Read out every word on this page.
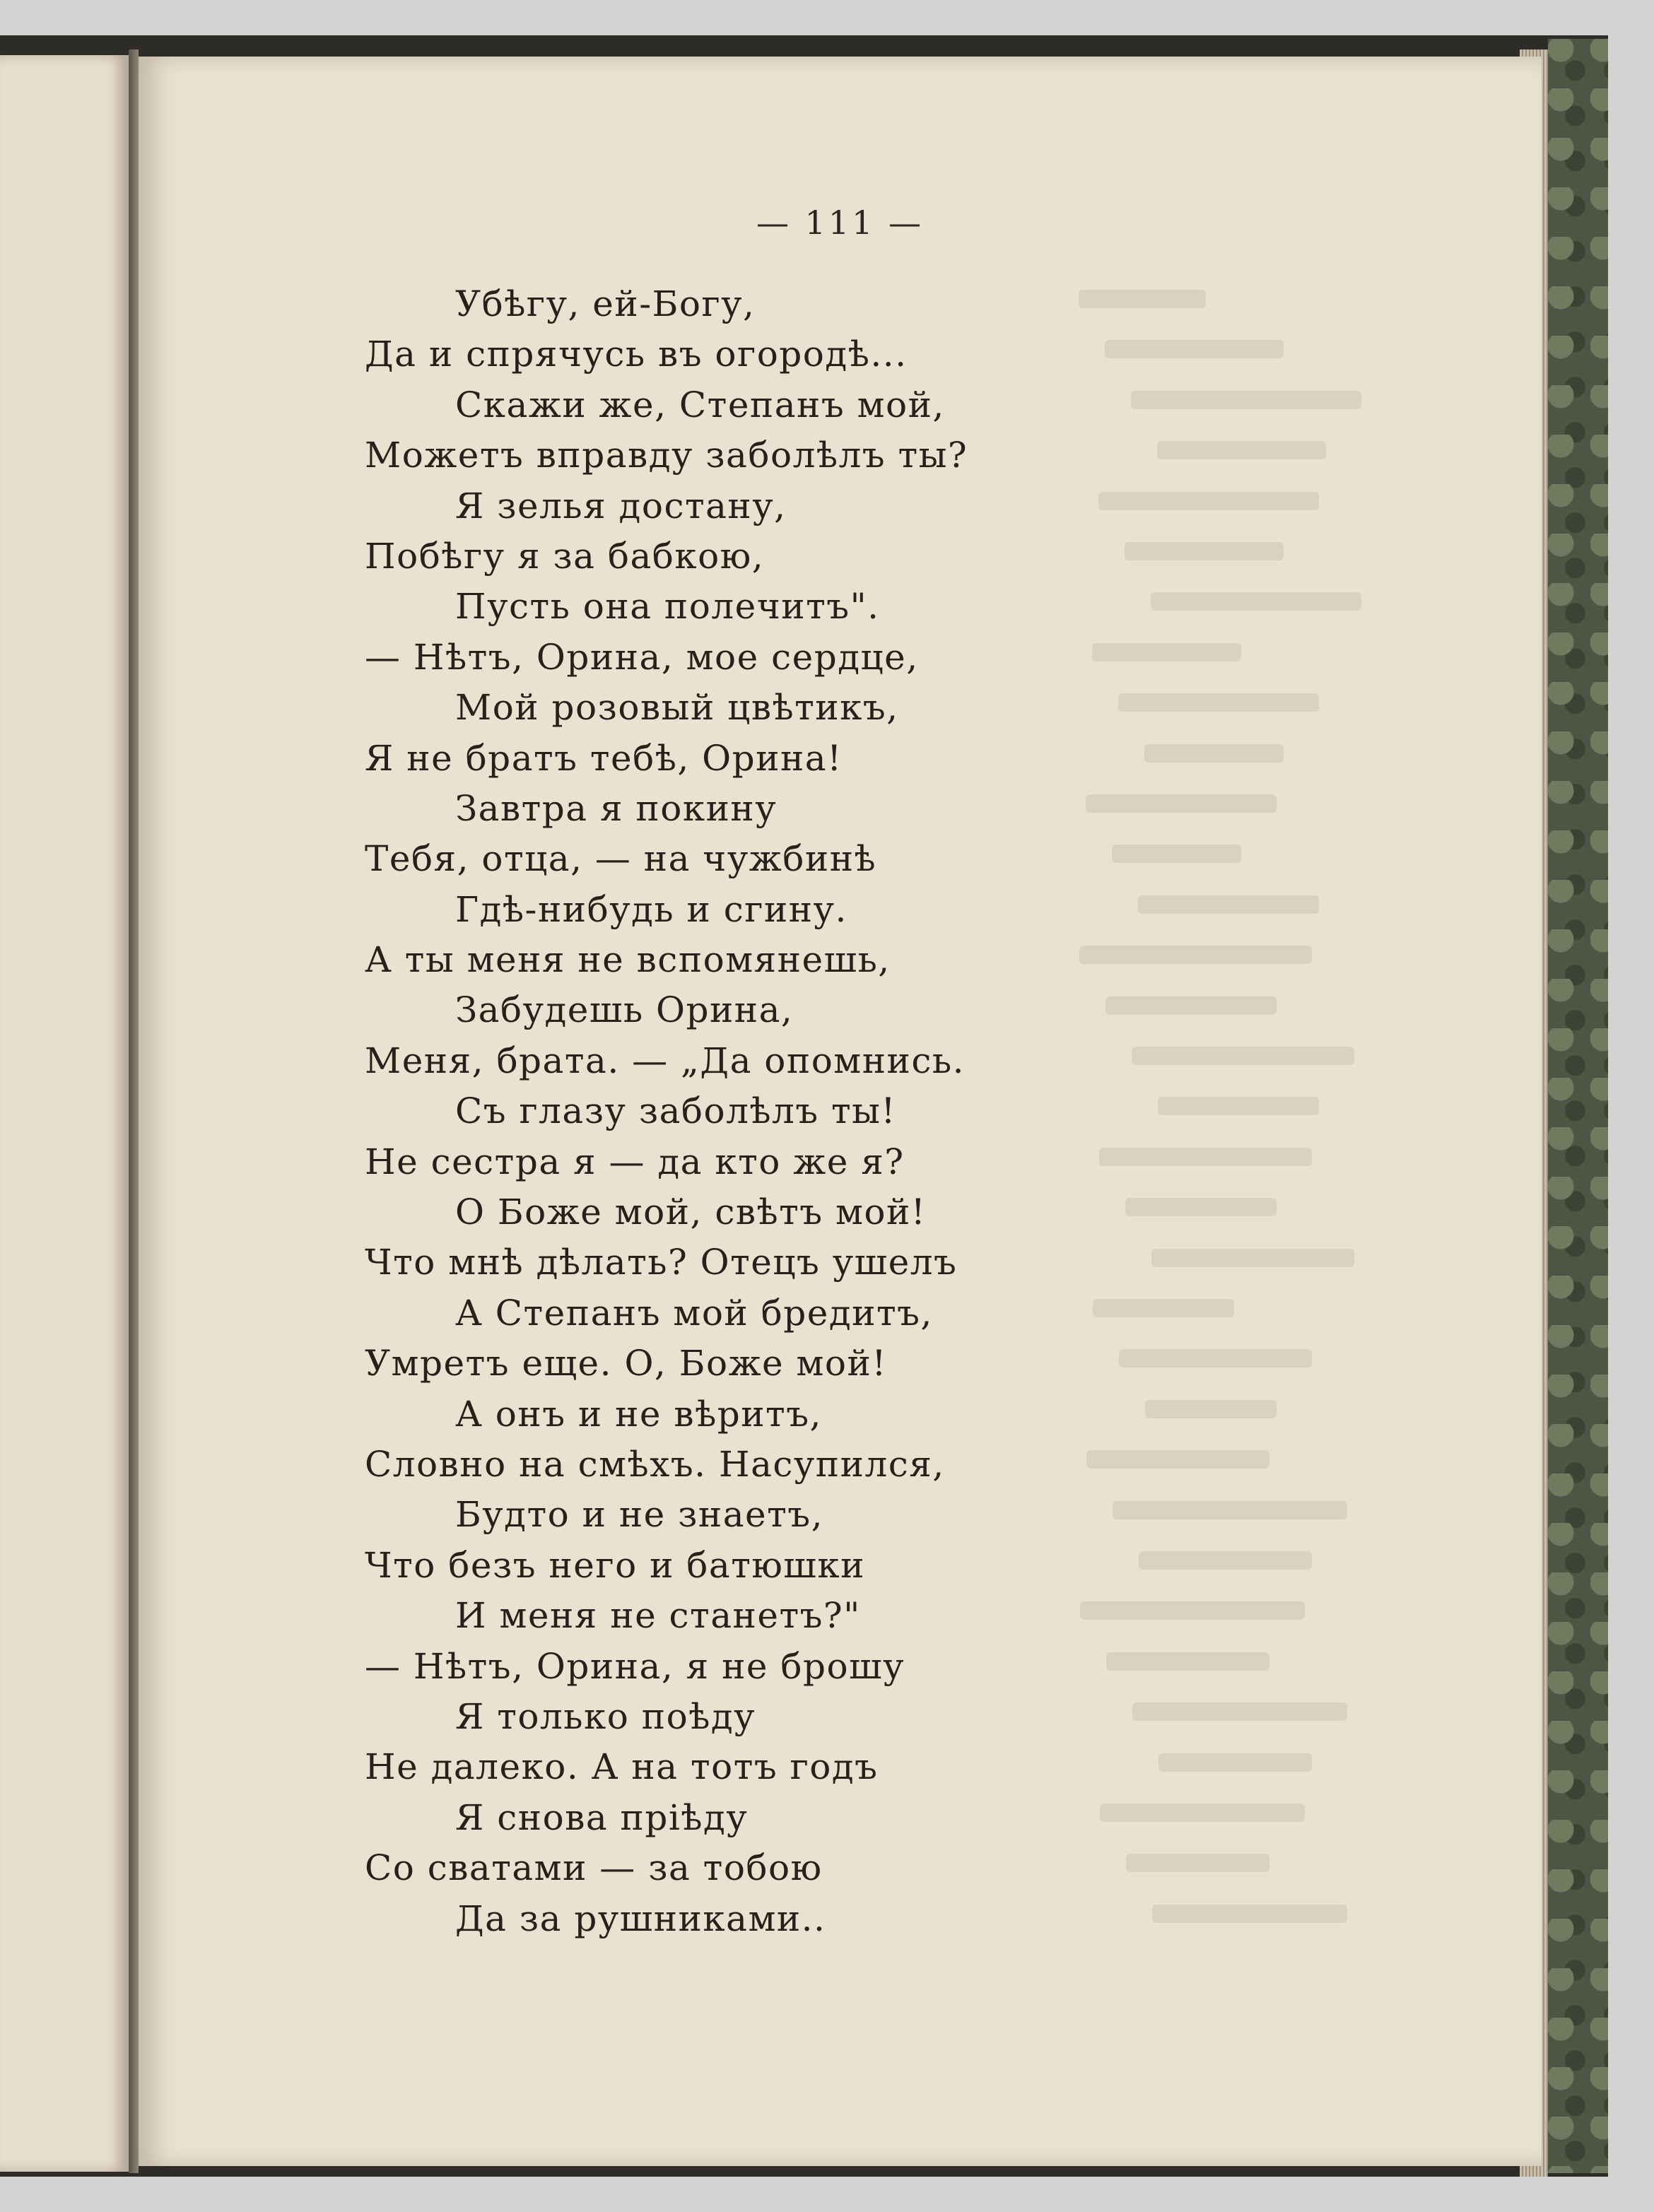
— 111 —
Убѣгу, ей-Богу,
Да и спрячусь въ огородѣ...
Скажи же, Степанъ мой,
Можетъ вправду заболѣлъ ты?
Я зелья достану,
Побѣгу я за бабкою,
Пусть она полечитъ".
— Нѣтъ, Орина, мое сердце,
Мой розовый цвѣтикъ,
Я не братъ тебѣ, Орина!
Завтра я покину
Тебя, отца, — на чужбинѣ
Гдѣ-нибудь и сгину.
А ты меня не вспомянешь,
Забудешь Орина,
Меня, брата. — „Да опомнись.
Съ глазу заболѣлъ ты!
Не сестра я — да кто же я?
О Боже мой, свѣтъ мой!
Что мнѣ дѣлать? Отецъ ушелъ
А Степанъ мой бредитъ,
Умретъ еще. О, Боже мой!
А онъ и не вѣритъ,
Словно на смѣхъ. Насупился,
Будто и не знаетъ,
Что безъ него и батюшки
И меня не станетъ?"
— Нѣтъ, Орина, я не брошу
Я только поѣду
Не далеко. А на тотъ годъ
Я снова пріѣду
Со сватами — за тобою
Да за рушниками..
